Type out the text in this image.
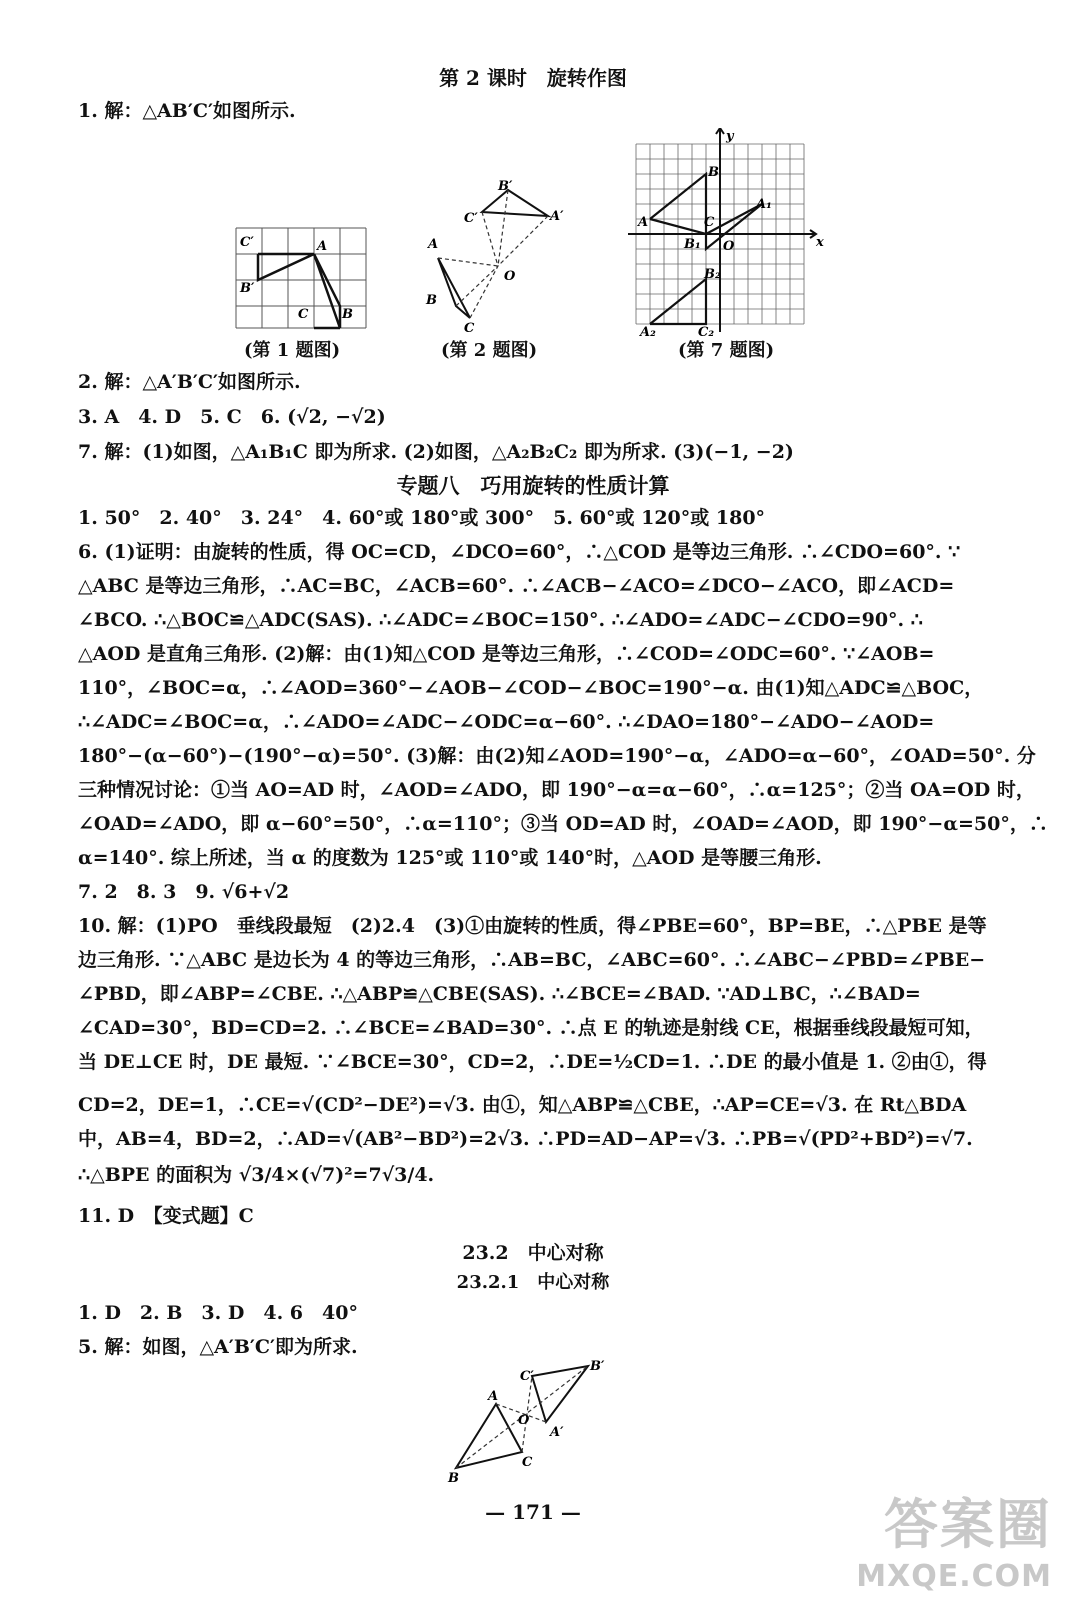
第 2 课时　旋转作图
1. 解：△AB′C′如图所示.
C′	A
B′
C	B
(第 1 题图)
B′
C′	A′
A
O
B
C
(第 2 题图)
y
B
A₁
A	C
B₁ O	x
B₂
A₂	C₂
(第 7 题图)
2. 解：△A′B′C′如图所示.
3. A　4. D　5. C　6. (√2, −√2)
7. 解：(1)如图，△A₁B₁C 即为所求. (2)如图，△A₂B₂C₂ 即为所求. (3)(−1, −2)
专题八　巧用旋转的性质计算
1. 50°　2. 40°　3. 24°　4. 60°或 180°或 300°　5. 60°或 120°或 180°
6. (1)证明：由旋转的性质，得 OC=CD，∠DCO=60°，∴△COD 是等边三角形. ∴∠CDO=60°. ∵
△ABC 是等边三角形，∴AC=BC，∠ACB=60°. ∴∠ACB−∠ACO=∠DCO−∠ACO，即∠ACD=
∠BCO. ∴△BOC≌△ADC(SAS). ∴∠ADC=∠BOC=150°. ∴∠ADO=∠ADC−∠CDO=90°. ∴
△AOD 是直角三角形. (2)解：由(1)知△COD 是等边三角形，∴∠COD=∠ODC=60°. ∵∠AOB=
110°，∠BOC=α，∴∠AOD=360°−∠AOB−∠COD−∠BOC=190°−α. 由(1)知△ADC≌△BOC，
∴∠ADC=∠BOC=α，∴∠ADO=∠ADC−∠ODC=α−60°. ∴∠DAO=180°−∠ADO−∠AOD=
180°−(α−60°)−(190°−α)=50°. (3)解：由(2)知∠AOD=190°−α，∠ADO=α−60°，∠OAD=50°. 分
三种情况讨论：①当 AO=AD 时，∠AOD=∠ADO，即 190°−α=α−60°，∴α=125°；②当 OA=OD 时，
∠OAD=∠ADO，即 α−60°=50°，∴α=110°；③当 OD=AD 时，∠OAD=∠AOD，即 190°−α=50°，∴
α=140°. 综上所述，当 α 的度数为 125°或 110°或 140°时，△AOD 是等腰三角形.
7. 2　8. 3　9. √6+√2
10. 解：(1)PO　垂线段最短　(2)2.4　(3)①由旋转的性质，得∠PBE=60°，BP=BE，∴△PBE 是等
边三角形. ∵△ABC 是边长为 4 的等边三角形，∴AB=BC，∠ABC=60°. ∴∠ABC−∠PBD=∠PBE−
∠PBD，即∠ABP=∠CBE. ∴△ABP≌△CBE(SAS). ∴∠BCE=∠BAD. ∵AD⊥BC，∴∠BAD=
∠CAD=30°，BD=CD=2. ∴∠BCE=∠BAD=30°. ∴点 E 的轨迹是射线 CE，根据垂线段最短可知，
当 DE⊥CE 时，DE 最短. ∵∠BCE=30°，CD=2，∴DE=½CD=1. ∴DE 的最小值是 1. ②由①，得
CD=2，DE=1，∴CE=√(CD²−DE²)=√3. 由①，知△ABP≌△CBE，∴AP=CE=√3. 在 Rt△BDA
中，AB=4，BD=2，∴AD=√(AB²−BD²)=2√3. ∴PD=AD−AP=√3. ∴PB=√(PD²+BD²)=√7.
∴△BPE 的面积为 √3/4×(√7)²=7√3/4.
11. D　【变式题】C
23.2　中心对称
23.2.1　中心对称
1. D　2. B　3. D　4. 6　40°
5. 解：如图，△A′B′C′即为所求.
C′
B′
A
O
A′
C
B
— 171 —	答案圈
MXQE.COM
